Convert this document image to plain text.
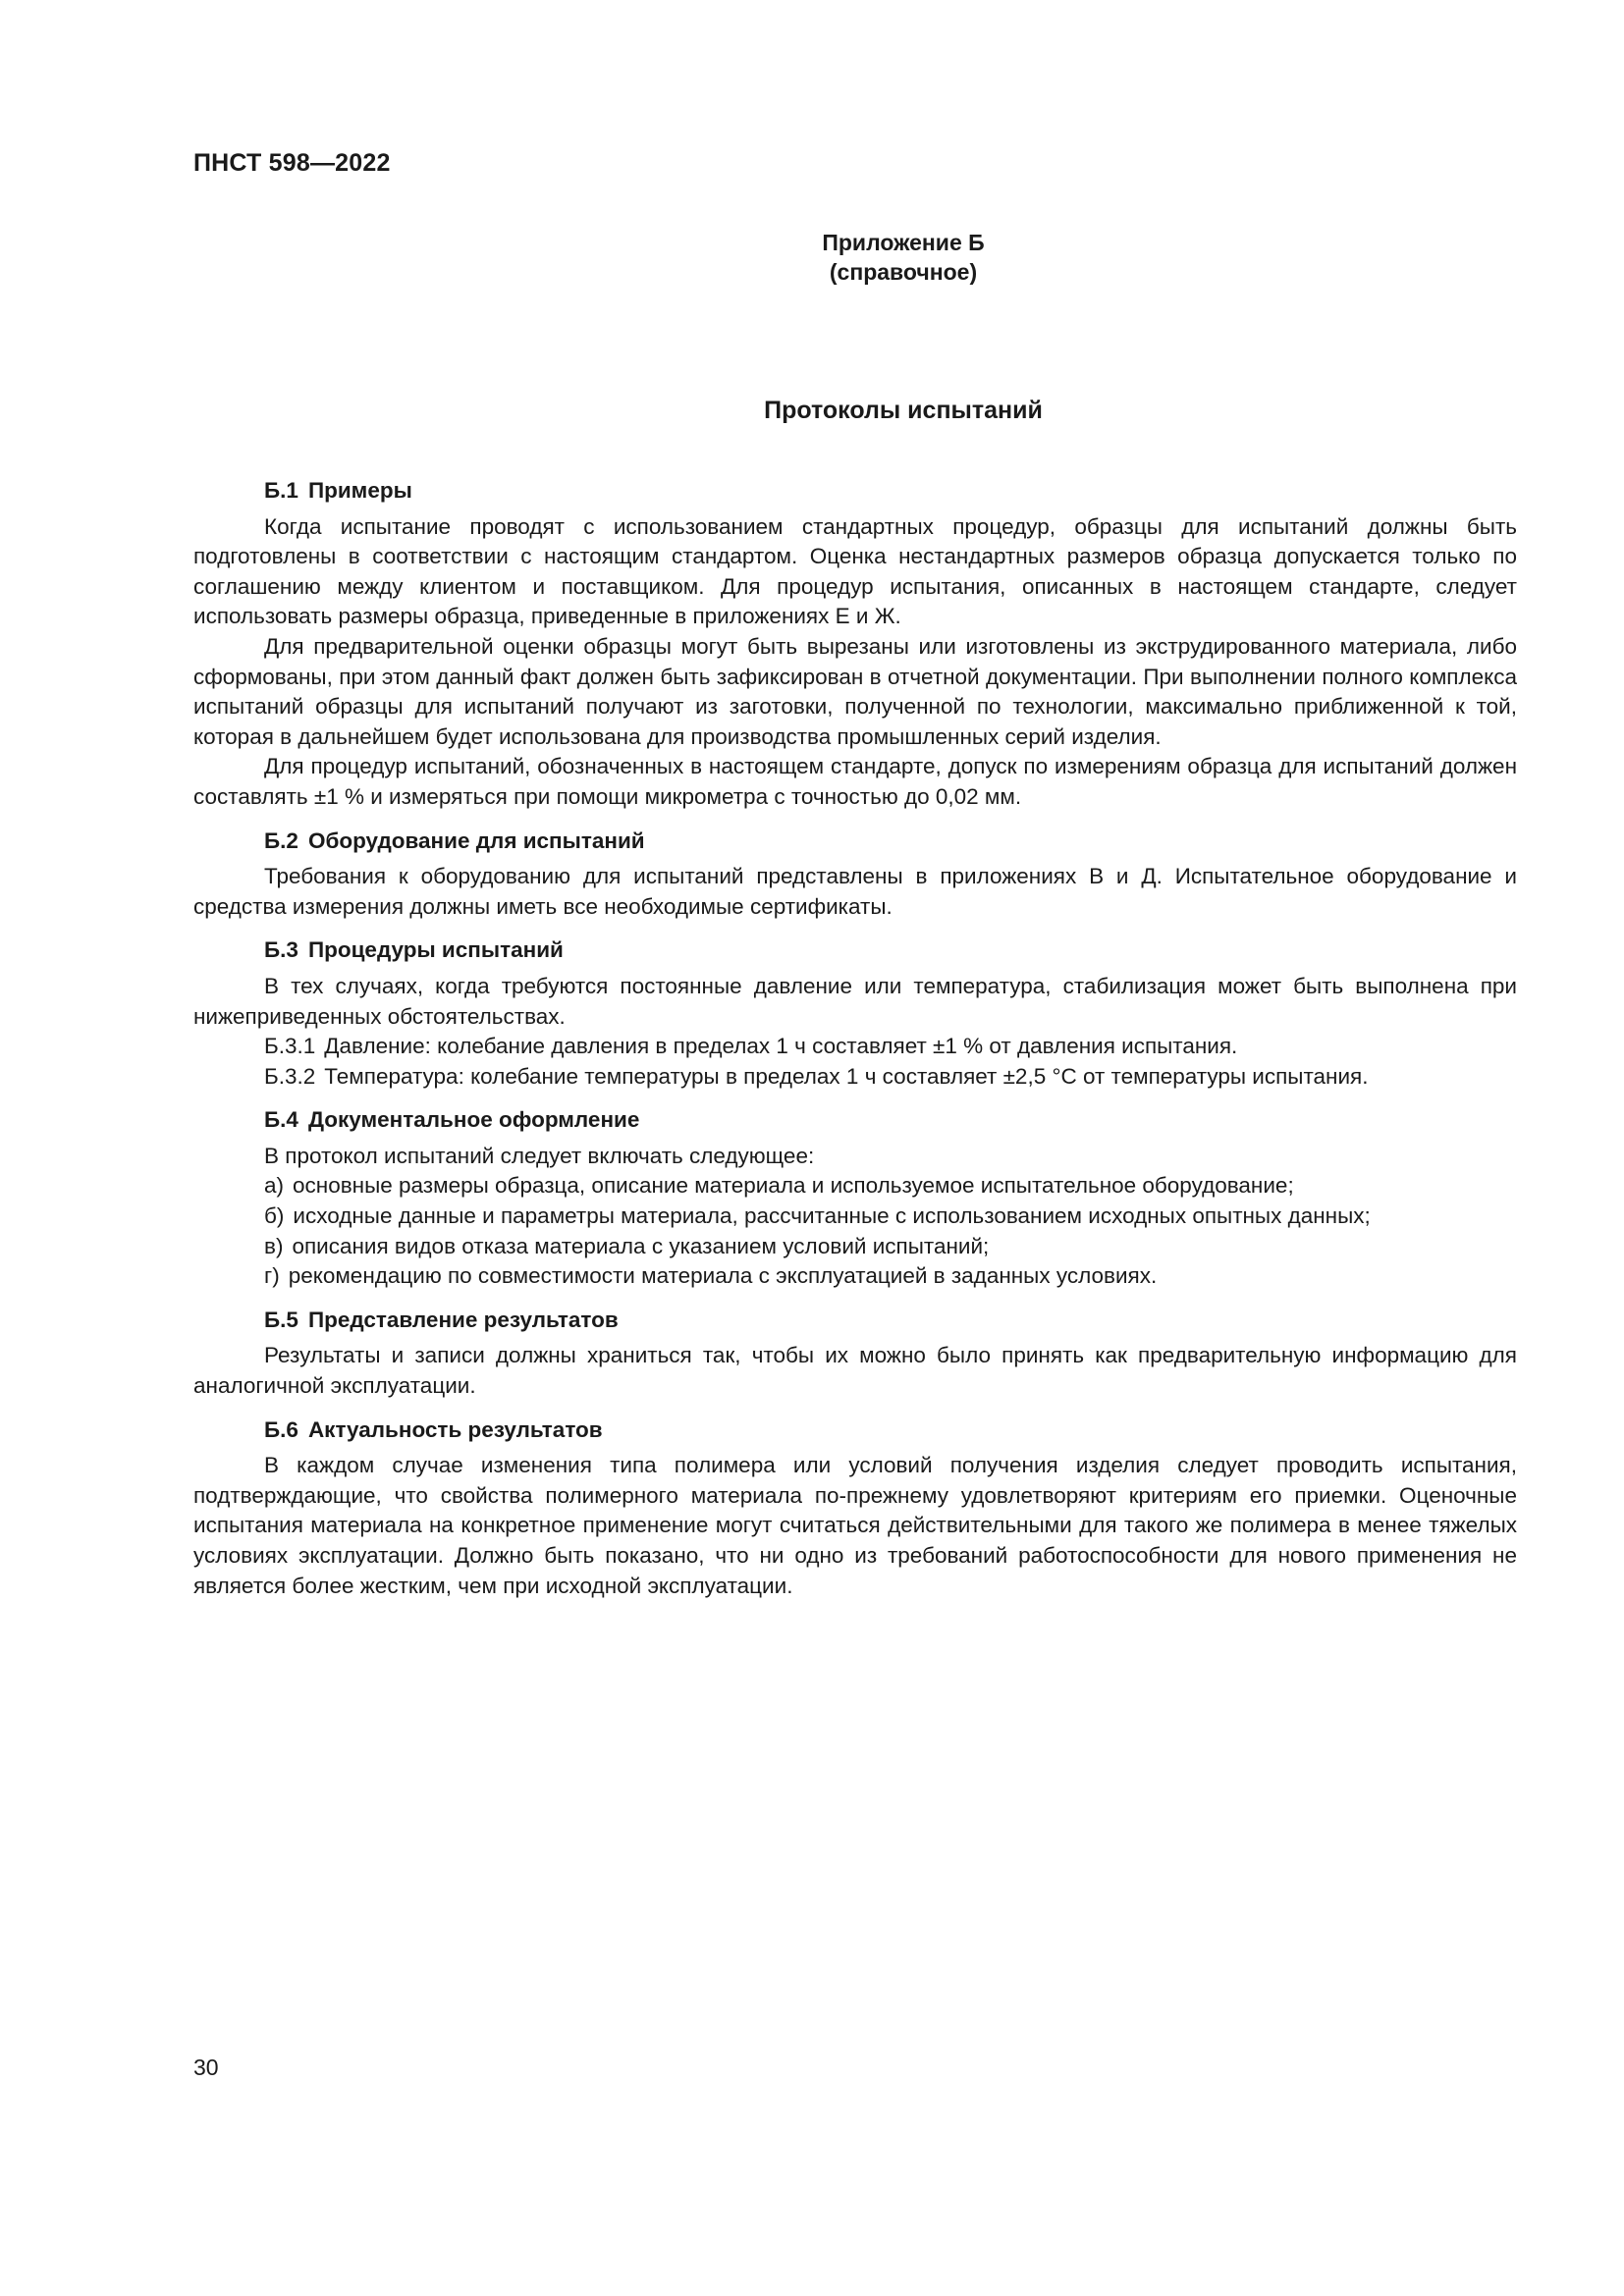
ПНСТ 598—2022
Приложение Б
(справочное)
Протоколы испытаний
Б.1 Примеры

Когда испытание проводят с использованием стандартных процедур, образцы для испытаний должны быть подготовлены в соответствии с настоящим стандартом. Оценка нестандартных размеров образца допускается только по соглашению между клиентом и поставщиком. Для процедур испытания, описанных в настоящем стандарте, следует использовать размеры образца, приведенные в приложениях Е и Ж.

Для предварительной оценки образцы могут быть вырезаны или изготовлены из экструдированного материала, либо сформованы, при этом данный факт должен быть зафиксирован в отчетной документации. При выполнении полного комплекса испытаний образцы для испытаний получают из заготовки, полученной по технологии, максимально приближенной к той, которая в дальнейшем будет использована для производства промышленных серий изделия.

Для процедур испытаний, обозначенных в настоящем стандарте, допуск по измерениям образца для испытаний должен составлять ±1 % и измеряться при помощи микрометра с точностью до 0,02 мм.

Б.2 Оборудование для испытаний

Требования к оборудованию для испытаний представлены в приложениях В и Д. Испытательное оборудование и средства измерения должны иметь все необходимые сертификаты.

Б.3 Процедуры испытаний

В тех случаях, когда требуются постоянные давление или температура, стабилизация может быть выполнена при нижеприведенных обстоятельствах.

Б.3.1 Давление: колебание давления в пределах 1 ч составляет ±1 % от давления испытания.

Б.3.2 Температура: колебание температуры в пределах 1 ч составляет ±2,5 °С от температуры испытания.

Б.4 Документальное оформление

В протокол испытаний следует включать следующее:

а) основные размеры образца, описание материала и используемое испытательное оборудование;

б) исходные данные и параметры материала, рассчитанные с использованием исходных опытных данных;

в) описания видов отказа материала с указанием условий испытаний;

г) рекомендацию по совместимости материала с эксплуатацией в заданных условиях.

Б.5 Представление результатов

Результаты и записи должны храниться так, чтобы их можно было принять как предварительную информацию для аналогичной эксплуатации.

Б.6 Актуальность результатов

В каждом случае изменения типа полимера или условий получения изделия следует проводить испытания, подтверждающие, что свойства полимерного материала по-прежнему удовлетворяют критериям его приемки. Оценочные испытания материала на конкретное применение могут считаться действительными для такого же полимера в менее тяжелых условиях эксплуатации. Должно быть показано, что ни одно из требований работоспособности для нового применения не является более жестким, чем при исходной эксплуатации.

30
